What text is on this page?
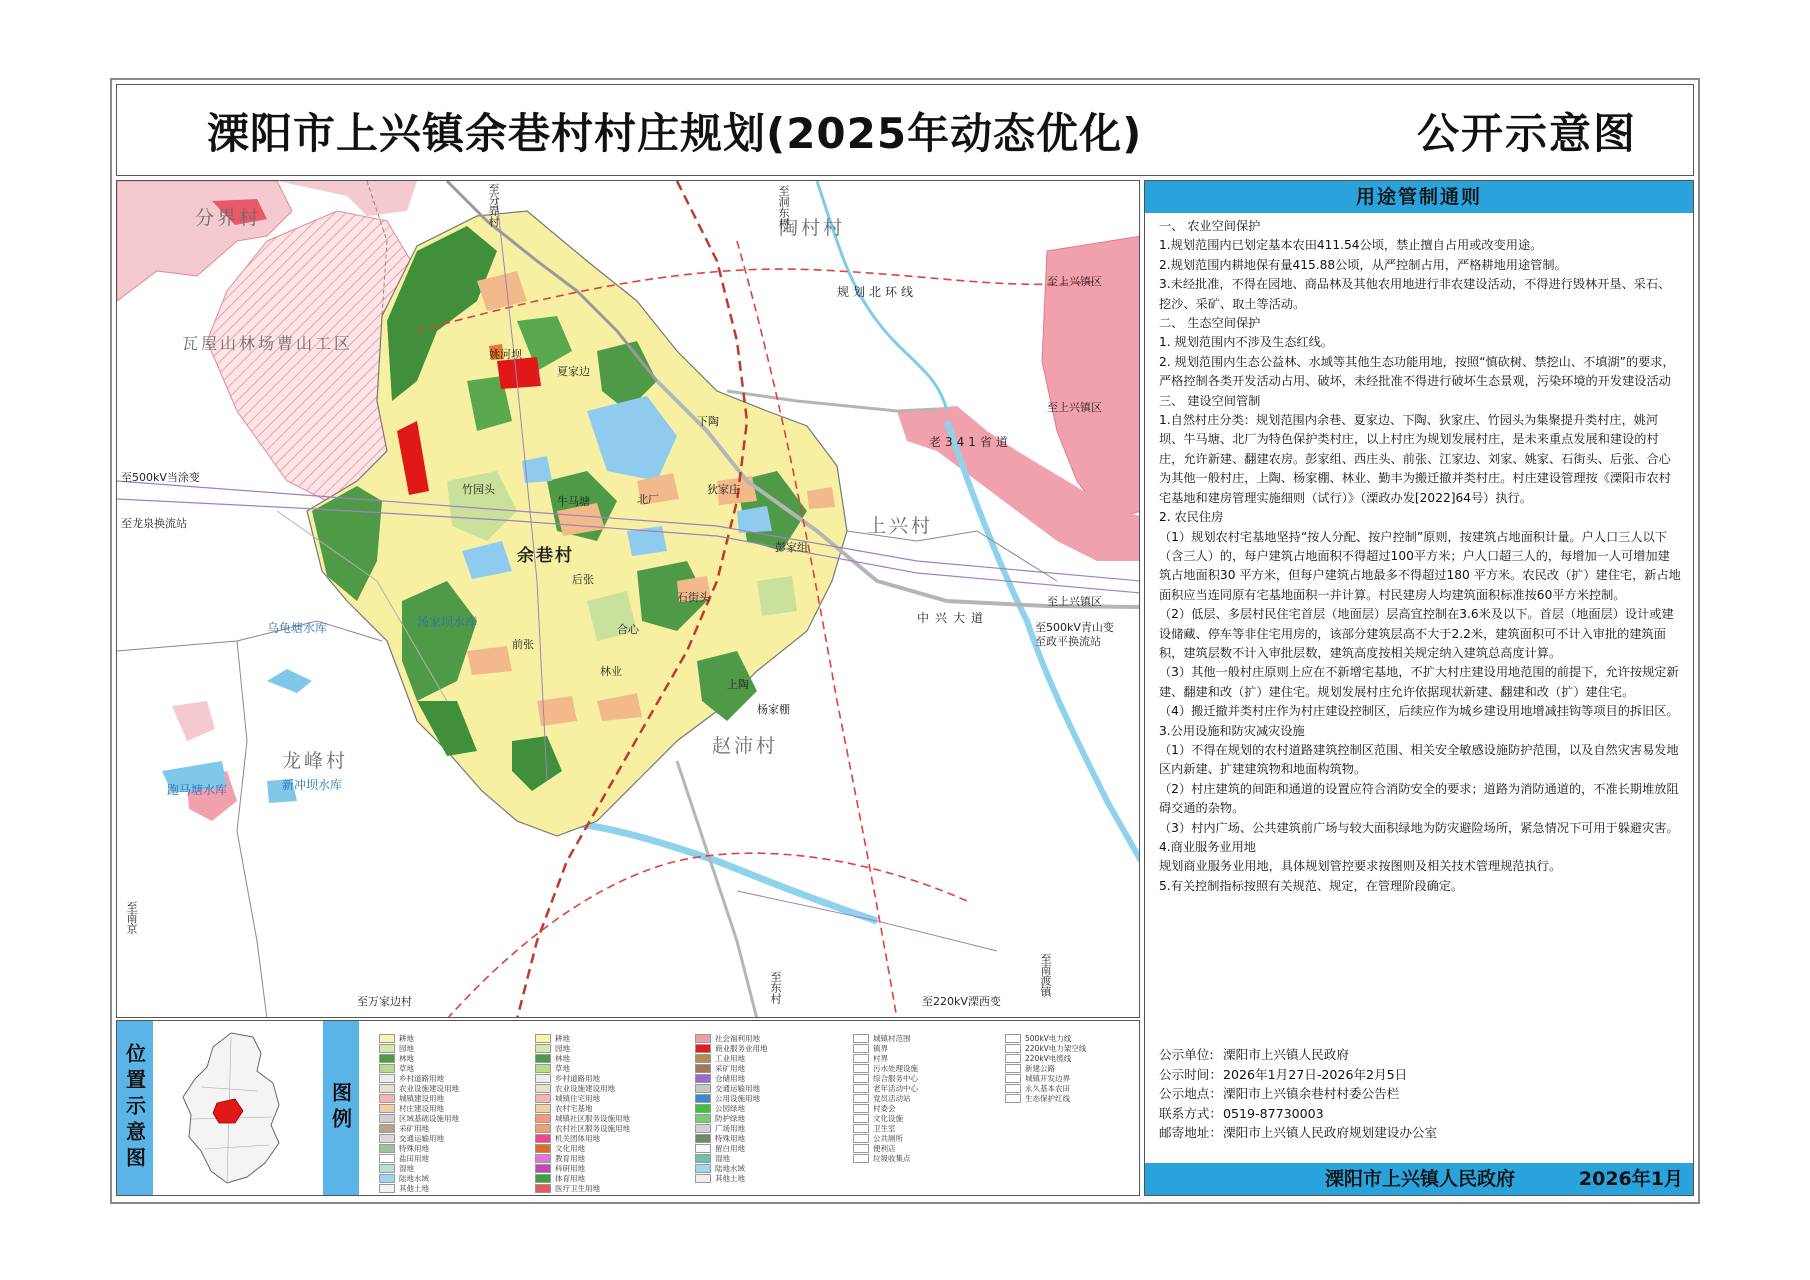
溧阳市上兴镇余巷村村庄规划(2025年动态优化)	公开示意图
分界村	陶村村
上兴村
赵沛村
龙峰村
瓦屋山林场曹山工区
余巷村
至上兴镇区
至上兴镇区
至上兴镇区
至500kV当涂变
至龙泉换流站
至500kV青山变
至政平换流站
至220kV溧西变
至万家边村
中兴大道
老341省道
规划北环线
至南渡镇
至东村
至南京
至分界村	至洞东村
夏家边
下陶
狄家庄
竹园头
牛马塘	北厂
彭家组
姚河坝
石街头
前张
林业
上陶
杨家棚
后张
合心
乌龟塘水库
跑马塘水库	新冲坝水库
汤家坝水库
位置示意图	图例
耕地
园地
林地
草地
乡村道路用地
农业设施建设用地
城镇建设用地
村庄建设用地
区域基础设施用地
采矿用地
交通运输用地
特殊用地
盐田用地
湿地
陆地水域
其他土地
耕地
园地
林地
草地
乡村道路用地
农业设施建设用地
城镇住宅用地
农村宅基地
城镇社区服务设施用地
农村社区服务设施用地
机关团体用地
文化用地
教育用地
科研用地
体育用地
医疗卫生用地
社会福利用地
商业服务业用地
工业用地
采矿用地
仓储用地
交通运输用地
公用设施用地
公园绿地
防护绿地
广场用地
特殊用地
留白用地
湿地
陆地水域
其他土地
城镇村范围
镇界
村界
污水处理设施
综合服务中心
老年活动中心
党员活动站
村委会
文化设施
卫生室
公共厕所
便利店
垃圾收集点
500kV电力线
220kV电力架空线
220kV电缆线
新建公路
城镇开发边界
永久基本农田
生态保护红线
用途管制通则
一、 农业空间保护
1.规划范围内已划定基本农田411.54公顷，禁止擅自占用或改变用途。
2.规划范围内耕地保有量415.88公顷，从严控制占用，严格耕地用途管制。
3.未经批准，不得在园地、商品林及其他农用地进行非农建设活动，不得进行毁林开垦、采石、挖沙、采矿、取土等活动。
二、 生态空间保护
1. 规划范围内不涉及生态红线。
2. 规划范围内生态公益林、水域等其他生态功能用地，按照“慎砍树、禁挖山、不填湖”的要求，严格控制各类开发活动占用、破坏，未经批准不得进行破坏生态景观，污染环境的开发建设活动
三、 建设空间管制
1.自然村庄分类：规划范围内余巷、夏家边、下陶、狄家庄、竹园头为集聚提升类村庄，姚河坝、牛马塘、北厂为特色保护类村庄，以上村庄为规划发展村庄，是未来重点发展和建设的村庄，允许新建、翻建农房。彭家组、西庄头、前张、江家边、刘家、姚家、石街头、后张、合心为其他一般村庄，上陶、杨家棚、林业、勤丰为搬迁撤并类村庄。村庄建设管理按《溧阳市农村宅基地和建房管理实施细则（试行）》（溧政办发[2022]64号）执行。
2. 农民住房
（1）规划农村宅基地坚持“按人分配、按户控制”原则，按建筑占地面积计量。户人口三人以下（含三人）的，每户建筑占地面积不得超过100平方米；户人口超三人的，每增加一人可增加建筑占地面积30 平方米，但每户建筑占地最多不得超过180 平方米。农民改（扩）建住宅，新占地面积应当连同原有宅基地面积一并计算。村民建房人均建筑面积标准按60平方米控制。
（2）低层、多层村民住宅首层（地面层）层高宜控制在3.6米及以下。首层（地面层）设计或建设储藏、停车等非住宅用房的，该部分建筑层高不大于2.2米，建筑面积可不计入审批的建筑面积，建筑层数不计入审批层数，建筑高度按相关规定纳入建筑总高度计算。
（3）其他一般村庄原则上应在不新增宅基地，不扩大村庄建设用地范围的前提下，允许按规定新建、翻建和改（扩）建住宅。规划发展村庄允许依据现状新建、翻建和改（扩）建住宅。
（4）搬迁撤并类村庄作为村庄建设控制区，后续应作为城乡建设用地增减挂钩等项目的拆旧区。
3.公用设施和防灾减灾设施
（1）不得在规划的农村道路建筑控制区范围、相关安全敏感设施防护范围，以及自然灾害易发地区内新建、扩建建筑物和地面构筑物。
（2）村庄建筑的间距和通道的设置应符合消防安全的要求；道路为消防通道的，不准长期堆放阻碍交通的杂物。
（3）村内广场、公共建筑前广场与较大面积绿地为防灾避险场所，紧急情况下可用于躲避灾害。
4.商业服务业用地
规划商业服务业用地，具体规划管控要求按图则及相关技术管理规范执行。
5.有关控制指标按照有关规范、规定，在管理阶段确定。
公示单位: 溧阳市上兴镇人民政府
公示时间：2026年1月27日-2026年2月5日
公示地点：溧阳市上兴镇余巷村村委公告栏
联系方式：0519-87730003
邮寄地址：溧阳市上兴镇人民政府规划建设办公室
溧阳市上兴镇人民政府	2026年1月
